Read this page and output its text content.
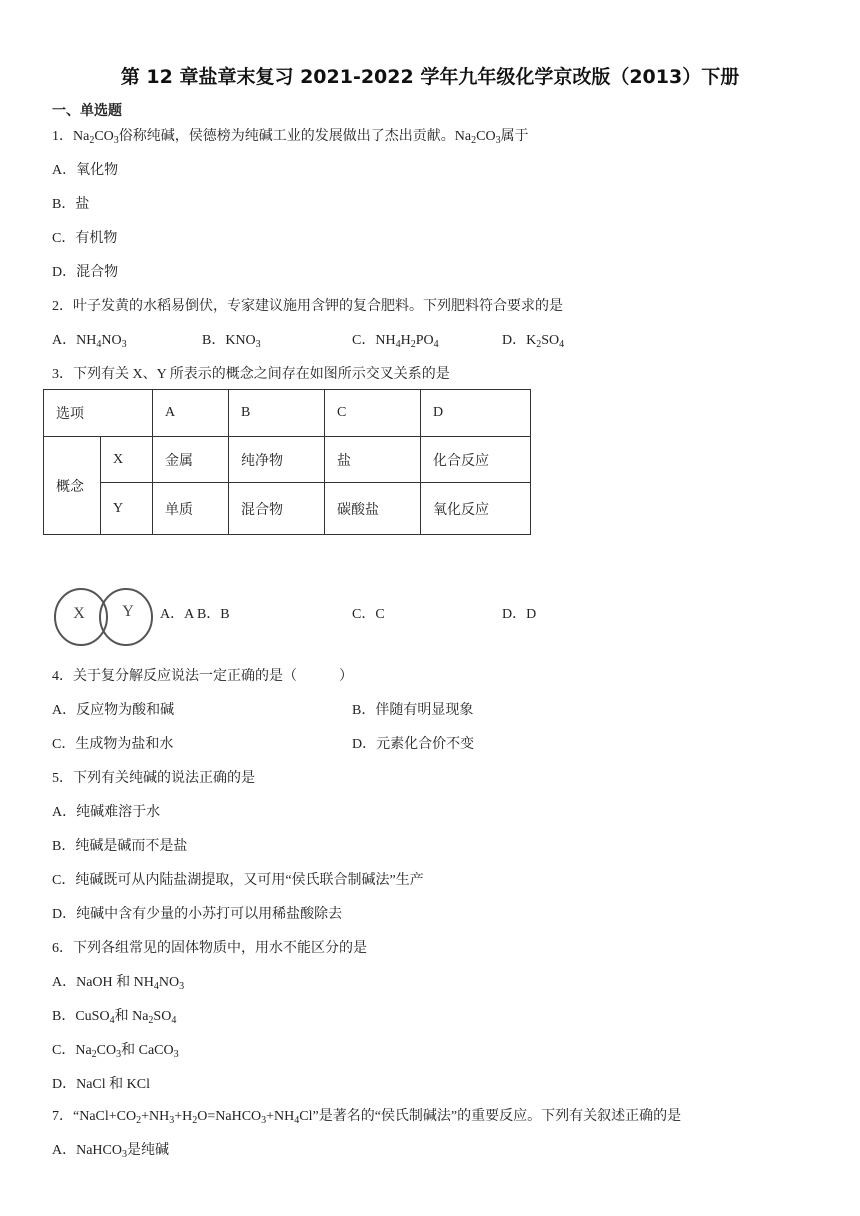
第 12 章盐章末复习 2021-2022 学年九年级化学京改版（2013）下册
一、单选题
1．$Na_2CO_3$俗称纯碱，侯德榜为纯碱工业的发展做出了杰出贡献。$Na_2CO_3$属于
A．氧化物
B．盐
C．有机物
D．混合物
2．叶子发黄的水稻易倒伏，专家建议施用含钾的复合肥料。下列肥料符合要求的是
A．$NH_4NO_3$	B．$KNO_3$	C．$NH_4H_2PO_4$	D．$K_2SO_4$
3．下列有关 X、Y 所表示的概念之间存在如图所示交叉关系的是
选项		A	B	C	D
概念	X	金属	纯净物	盐	化合反应
	Y	单质	混合物	碳酸盐	氧化反应
X Y A．A B．B	C．C	D．D
4．关于复分解反应说法一定正确的是（　　　）
A．反应物为酸和碱	B．伴随有明显现象
C．生成物为盐和水	D．元素化合价不变
5．下列有关纯碱的说法正确的是
A．纯碱难溶于水
B．纯碱是碱而不是盐
C．纯碱既可从内陆盐湖提取，又可用“侯氏联合制碱法”生产
D．纯碱中含有少量的小苏打可以用稀盐酸除去
6．下列各组常见的固体物质中，用水不能区分的是
A．NaOH 和 $NH_4NO_3$
B．CuSO$_4$和 $Na_2SO_4$
C．$Na_2CO_3$和 CaCO$_3$
D．NaCl 和 KCl
7．“$NaCl+CO_2+NH_3+H_2O=NaHCO_3+NH_4Cl$”是著名的“侯氏制碱法”的重要反应。下列有关叙述正确的是
A．NaHCO$_3$是纯碱
